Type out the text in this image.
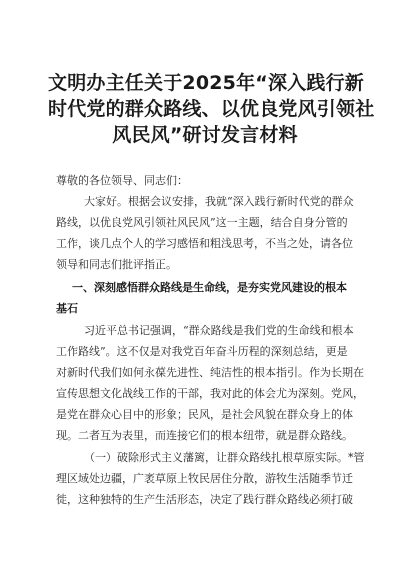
文明办主任关于2025年“深入践行新
时代党的群众路线、以优良党风引领社
风民风”研讨发言材料
尊敬的各位领导、同志们：
大家好。根据会议安排，我就“深入践行新时代党的群众
路线，以优良党风引领社风民风”这一主题，结合自身分管的
工作，谈几点个人的学习感悟和粗浅思考，不当之处，请各位
领导和同志们批评指正。
一、深刻感悟群众路线是生命线，是夯实党风建设的根本
基石
习近平总书记强调，“群众路线是我们党的生命线和根本
工作路线”。这不仅是对我党百年奋斗历程的深刻总结，更是
对新时代我们如何永葆先进性、纯洁性的根本指引。作为长期在
宣传思想文化战线工作的干部，我对此的体会尤为深刻。党风，
是党在群众心目中的形象；民风，是社会风貌在群众身上的体
现。二者互为表里，而连接它们的根本纽带，就是群众路线。
（一）破除形式主义藩篱，让群众路线扎根草原实际。*管
理区域处边疆，广袤草原上牧民居住分散，游牧生活随季节迁
徙，这种独特的生产生活形态，决定了践行群众路线必须打破
